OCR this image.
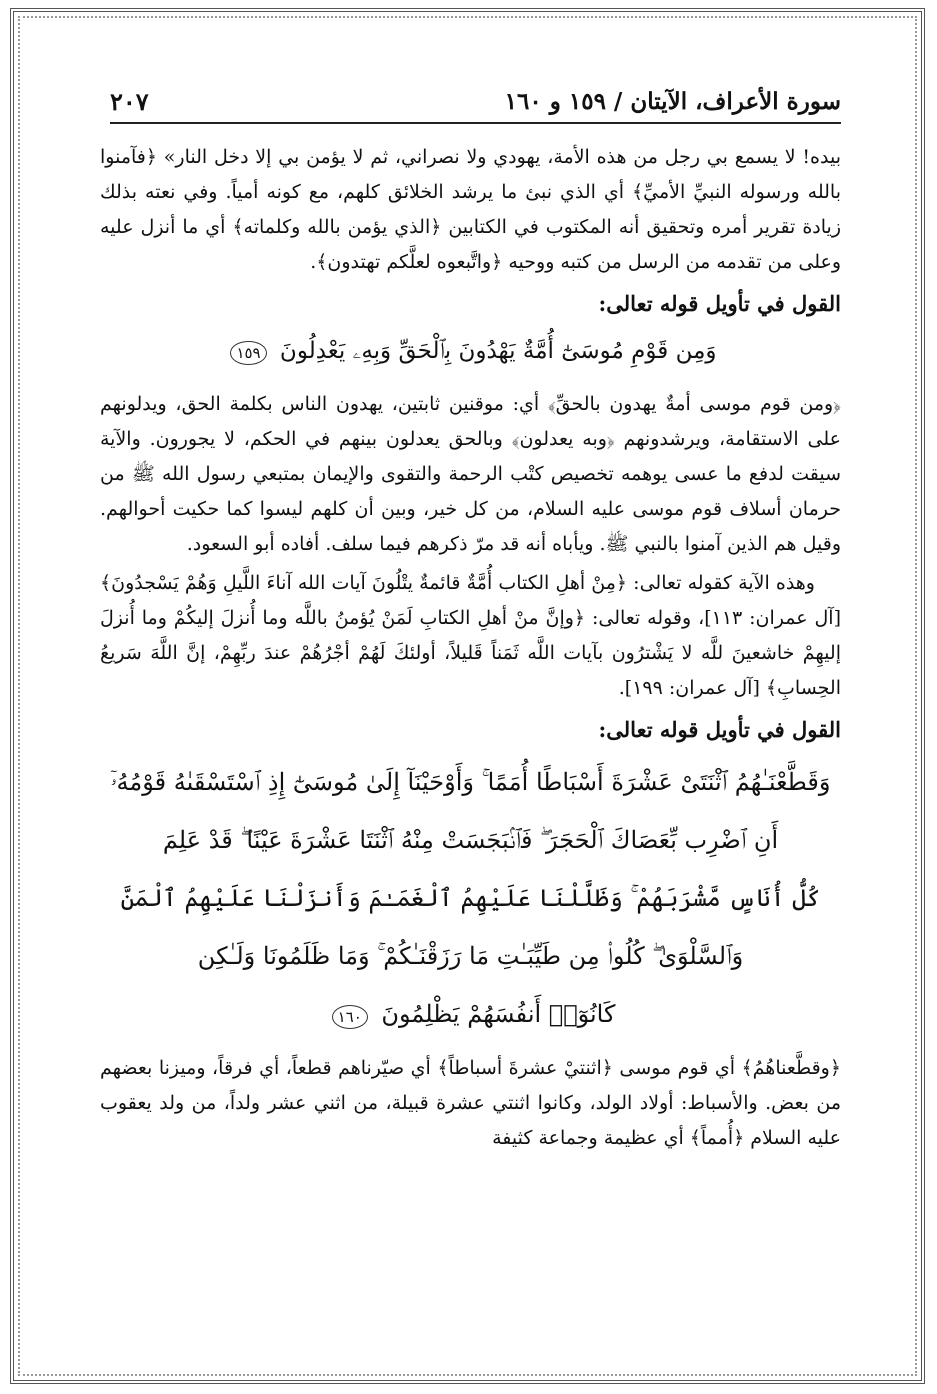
سورة الأعراف، الآيتان / ١٥٩ و ١٦٠
٢٠٧

بيده! لا يسمع بي رجل من هذه الأمة، يهودي ولا نصراني، ثم لا يؤمن بي إلا دخل النار» ﴿فآمنوا بالله ورسوله النبيِّ الأميِّ﴾ أي الذي نبئ ما يرشد الخلائق كلهم، مع كونه أمياً. وفي نعته بذلك زيادة تقرير أمره وتحقيق أنه المكتوب في الكتابين ﴿الذي يؤمن بالله وكلماته﴾ أي ما أنزل عليه وعلى من تقدمه من الرسل من كتبه ووحيه ﴿واتَّبعوه لعلَّكم تهتدون﴾.

القول في تأويل قوله تعالى:
وَمِن قَوْمِ مُوسَىٰٓ أُمَّةٌ يَهْدُونَ بِٱلْحَقِّ وَبِهِۦ يَعْدِلُونَ ١٥٩

﴿ومن قوم موسى أمةٌ يهدون بالحقِّ﴾ أي: موقنين ثابتين، يهدون الناس بكلمة الحق، ويدلونهم على الاستقامة، ويرشدونهم ﴿وبه يعدلون﴾ وبالحق يعدلون بينهم في الحكم، لا يجورون. والآية سيقت لدفع ما عسى يوهمه تخصيص كتْب الرحمة والتقوى والإيمان بمتبعي رسول الله ﷺ من حرمان أسلاف قوم موسى عليه السلام، من كل خير، وبين أن كلهم ليسوا كما حكيت أحوالهم. وقيل هم الذين آمنوا بالنبي ﷺ. ويأباه أنه قد مرّ ذكرهم فيما سلف. أفاده أبو السعود.

وهذه الآية كقوله تعالى: ﴿مِنْ أهلِ الكتاب أُمَّةٌ قائمةٌ يتْلُونَ آيات الله آناءَ اللَّيلِ وَهُمْ يَسْجدُونَ﴾ [آل عمران: ١١٣]، وقوله تعالى: ﴿وإنَّ منْ أهلِ الكتابِ لَمَنْ يُؤمنُ باللَّه وما أُنزلَ إليكُمْ وما أُنزلَ إليهِمْ خاشعينَ للَّه لا يَشْترُون بآيات اللَّه ثَمَناً قَليلاً، أولئكَ لَهُمْ أجْرُهُمْ عندَ ربِّهِمْ، إنَّ اللَّهَ سَريعُ الحِسابِ﴾ [آل عمران: ١٩٩].

القول في تأويل قوله تعالى:
وَقَطَّعْنَـٰهُمُ ٱثْنَتَىْ عَشْرَةَ أَسْبَاطًا أُمَمًا ۚ وَأَوْحَيْنَآ إِلَىٰ مُوسَىٰٓ إِذِ ٱسْتَسْقَىٰهُ قَوْمُهُۥٓ
أَنِ ٱضْرِب بِّعَصَاكَ ٱلْحَجَرَ ۖ فَٱنۢبَجَسَتْ مِنْهُ ٱثْنَتَا عَشْرَةَ عَيْنًا ۖ قَدْ عَلِمَ
كُلُّ أُنَاسٍ مَّشْرَبَهُمْ ۚ وَظَلَّلْنَا عَلَيْهِمُ ٱلْغَمَـٰمَ وَأَنزَلْنَا عَلَيْهِمُ ٱلْمَنَّ
وَٱلسَّلْوَىٰ ۖ كُلُوا۟ مِن طَيِّبَـٰتِ مَا رَزَقْنَـٰكُمْ ۚ وَمَا ظَلَمُونَا وَلَـٰكِن
كَانُوٓا۟ أَنفُسَهُمْ يَظْلِمُونَ ١٦٠

﴿وقطَّعناهُمُ﴾ أي قوم موسى ﴿اثنتيْ عشرةَ أسباطاً﴾ أي صيّرناهم قطعاً، أي فرقاً، وميزنا بعضهم من بعض. والأسباط: أولاد الولد، وكانوا اثنتي عشرة قبيلة، من اثني عشر ولداً، من ولد يعقوب عليه السلام ﴿أُمماً﴾ أي عظيمة وجماعة كثيفة
